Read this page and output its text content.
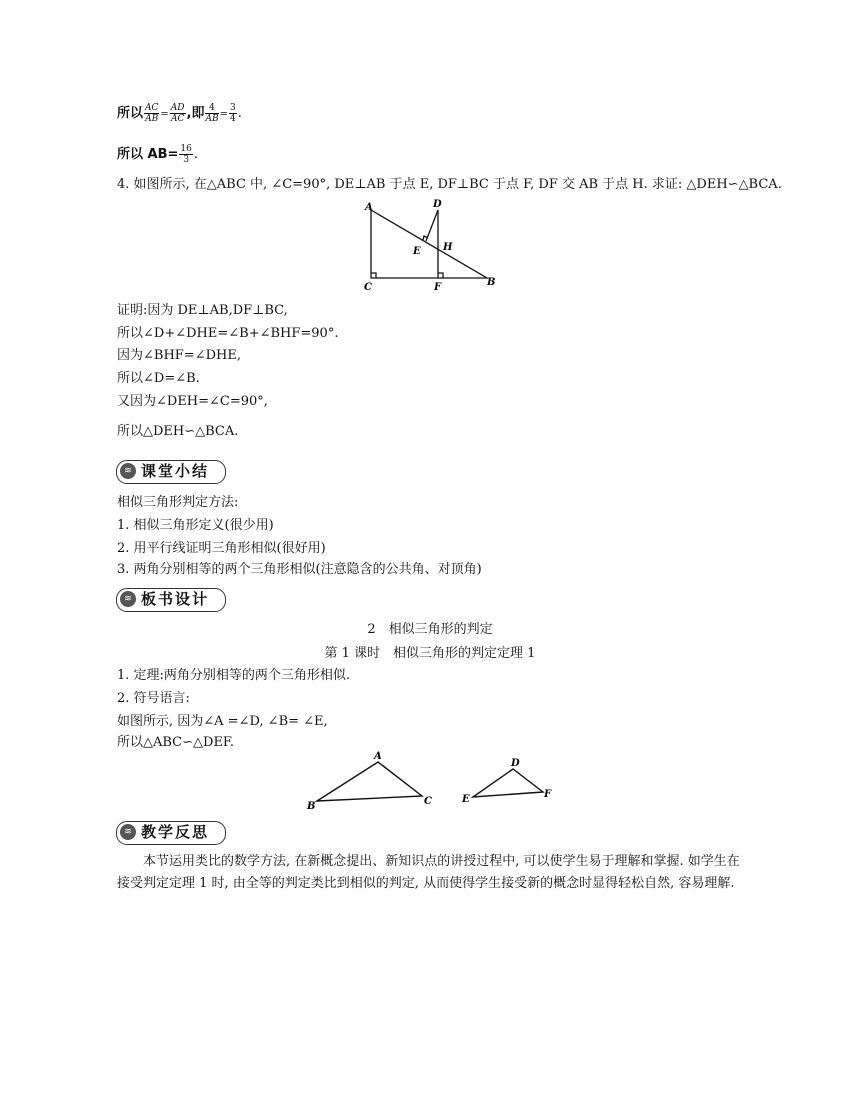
所以 $\frac{AC}{AB} = \frac{AD}{AC}$ ,即 $\frac{4}{AB} = \frac{3}{4}$ .
所以 $AB= \frac{16}{3}$ .
4. 如图所示, 在△ABC 中, ∠C=90°, DE⊥AB 于点 E, DF⊥BC 于点 F, DF 交 AB 于点 H. 求证: △DEH∽△BCA.
A	D
E H
C	F	B
证明:因为 DE⊥AB,DF⊥BC,
所以∠D+∠DHE=∠B+∠BHF=90°.
因为∠BHF=∠DHE,
所以∠D=∠B.
又因为∠DEH=∠C=90°,
所以△DEH∽△BCA.
≋ 课堂小结
相似三角形判定方法:
1. 相似三角形定义(很少用)
2. 用平行线证明三角形相似(很好用)
3. 两角分别相等的两个三角形相似(注意隐含的公共角、对顶角)
≋ 板书设计
2　相似三角形的判定
第 1 课时　相似三角形的判定定理 1
1. 定理:两角分别相等的两个三角形相似.
2. 符号语言:
如图所示, 因为∠A =∠D, ∠B= ∠E,
所以△ABC∽△DEF.
A
B	C
D
E	F
≋ 教学反思
本节运用类比的数学方法, 在新概念提出、新知识点的讲授过程中, 可以使学生易于理解和掌握. 如学生在接受判定定理 1 时, 由全等的判定类比到相似的判定, 从而使得学生接受新的概念时显得轻松自然, 容易理解.
